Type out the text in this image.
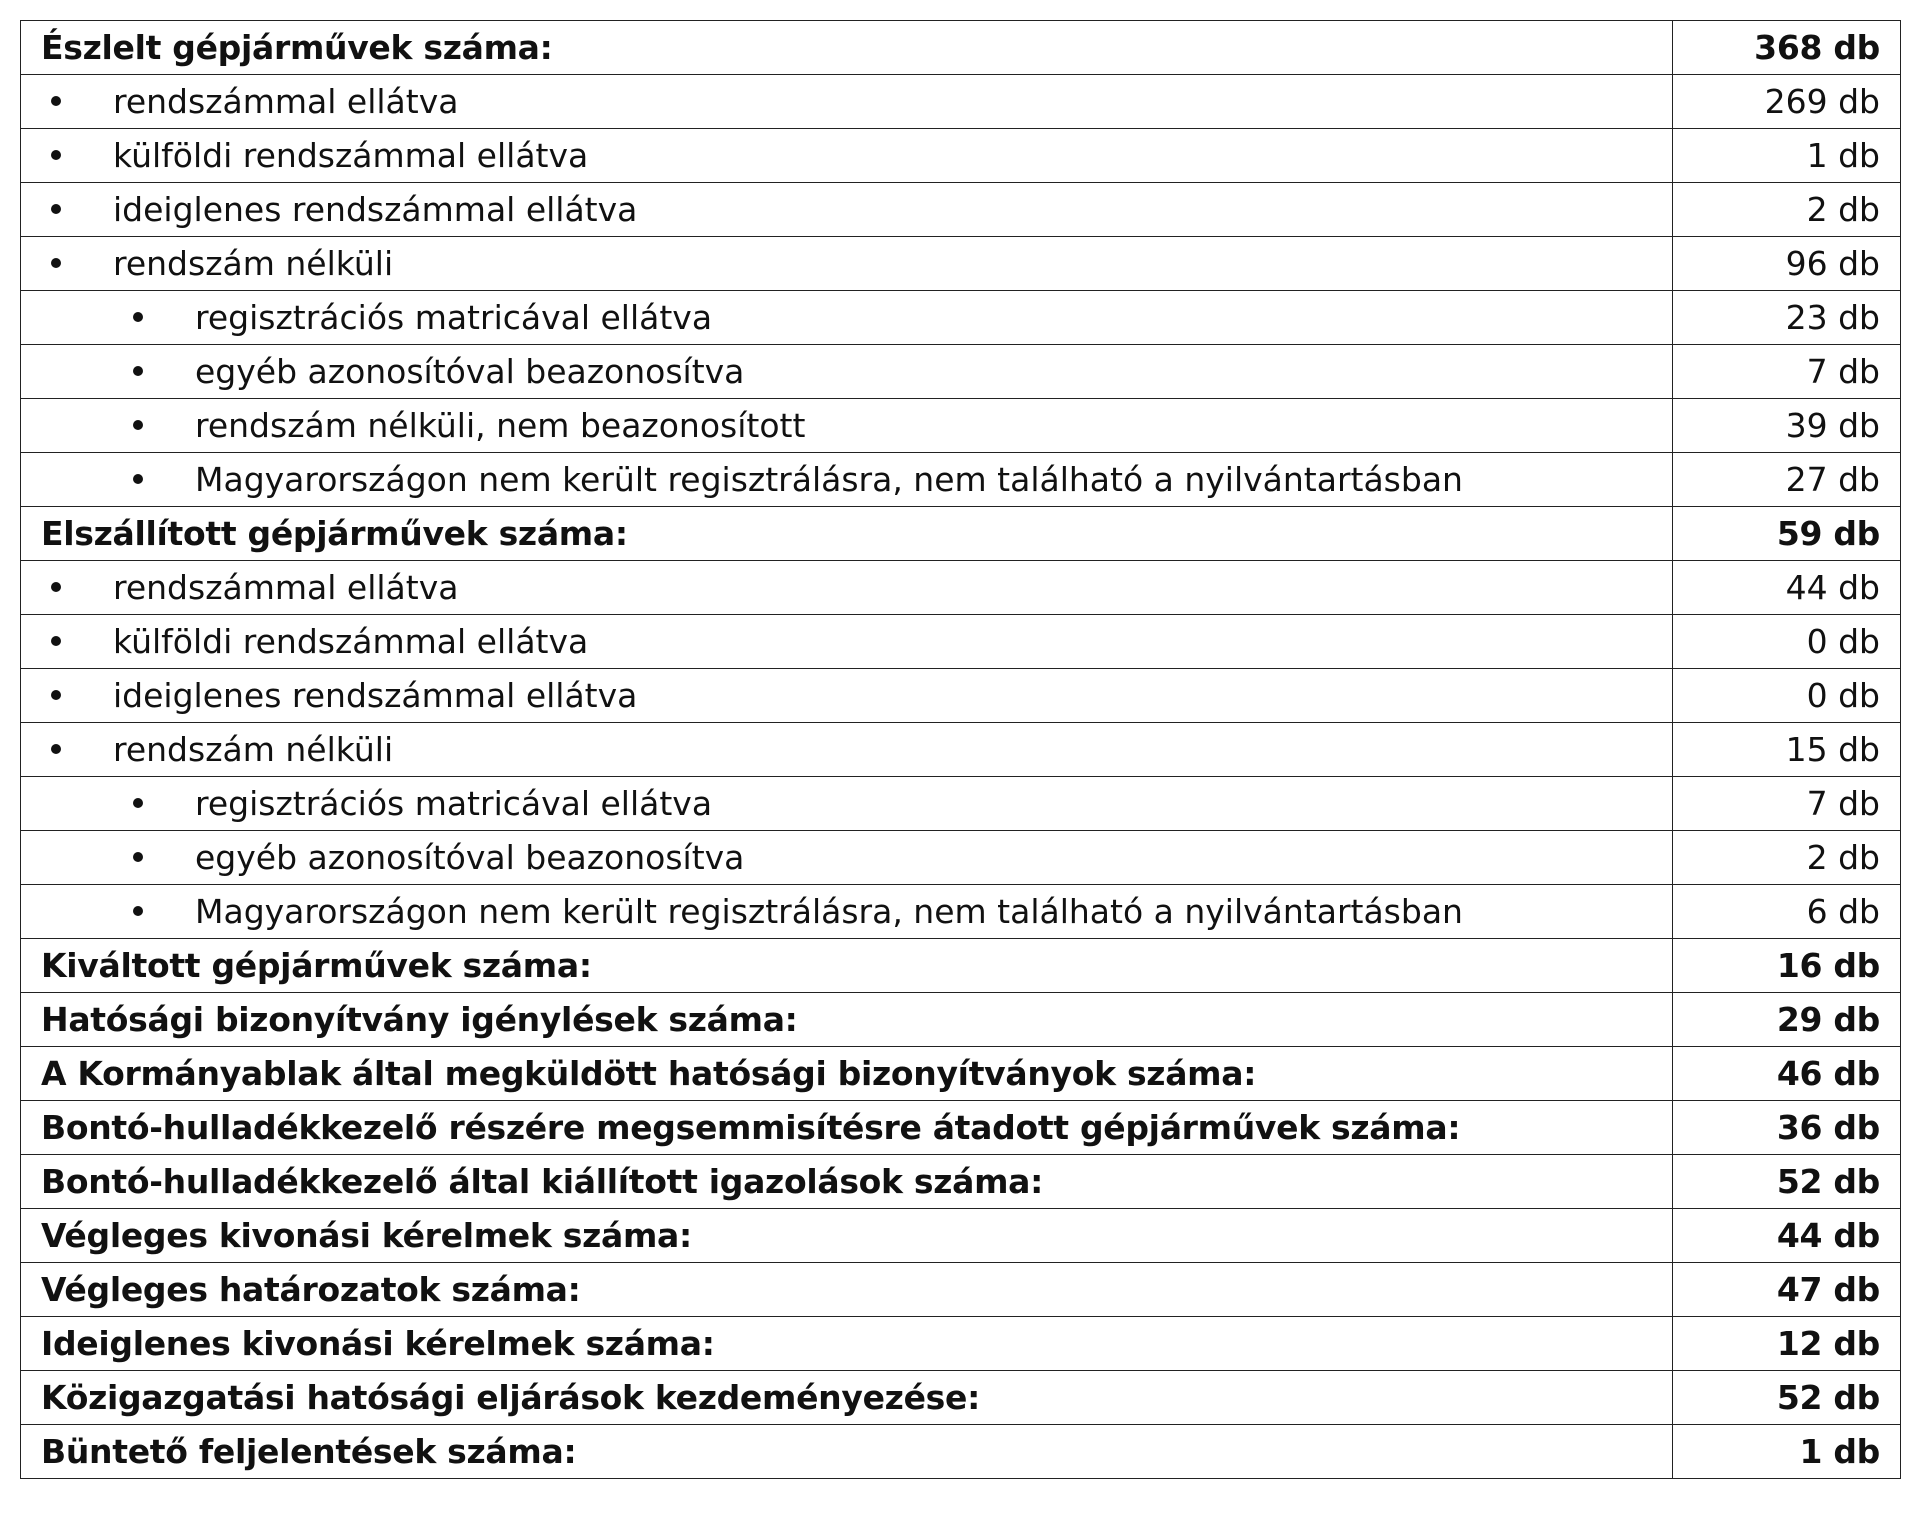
Észlelt gépjárművek száma:	368 db
rendszámmal ellátva	269 db
külföldi rendszámmal ellátva	1 db
ideiglenes rendszámmal ellátva	2 db
rendszám nélküli	96 db
regisztrációs matricával ellátva	23 db
egyéb azonosítóval beazonosítva	7 db
rendszám nélküli, nem beazonosított	39 db
Magyarországon nem került regisztrálásra, nem található a nyilvántartásban	27 db
Elszállított gépjárművek száma:	59 db
rendszámmal ellátva	44 db
külföldi rendszámmal ellátva	0 db
ideiglenes rendszámmal ellátva	0 db
rendszám nélküli	15 db
regisztrációs matricával ellátva	7 db
egyéb azonosítóval beazonosítva	2 db
Magyarországon nem került regisztrálásra, nem található a nyilvántartásban	6 db
Kiváltott gépjárművek száma:	16 db
Hatósági bizonyítvány igénylések száma:	29 db
A Kormányablak által megküldött hatósági bizonyítványok száma:	46 db
Bontó-hulladékkezelő részére megsemmisítésre átadott gépjárművek száma:	36 db
Bontó-hulladékkezelő által kiállított igazolások száma:	52 db
Végleges kivonási kérelmek száma:	44 db
Végleges határozatok száma:	47 db
Ideiglenes kivonási kérelmek száma:	12 db
Közigazgatási hatósági eljárások kezdeményezése:	52 db
Büntető feljelentések száma:	1 db
